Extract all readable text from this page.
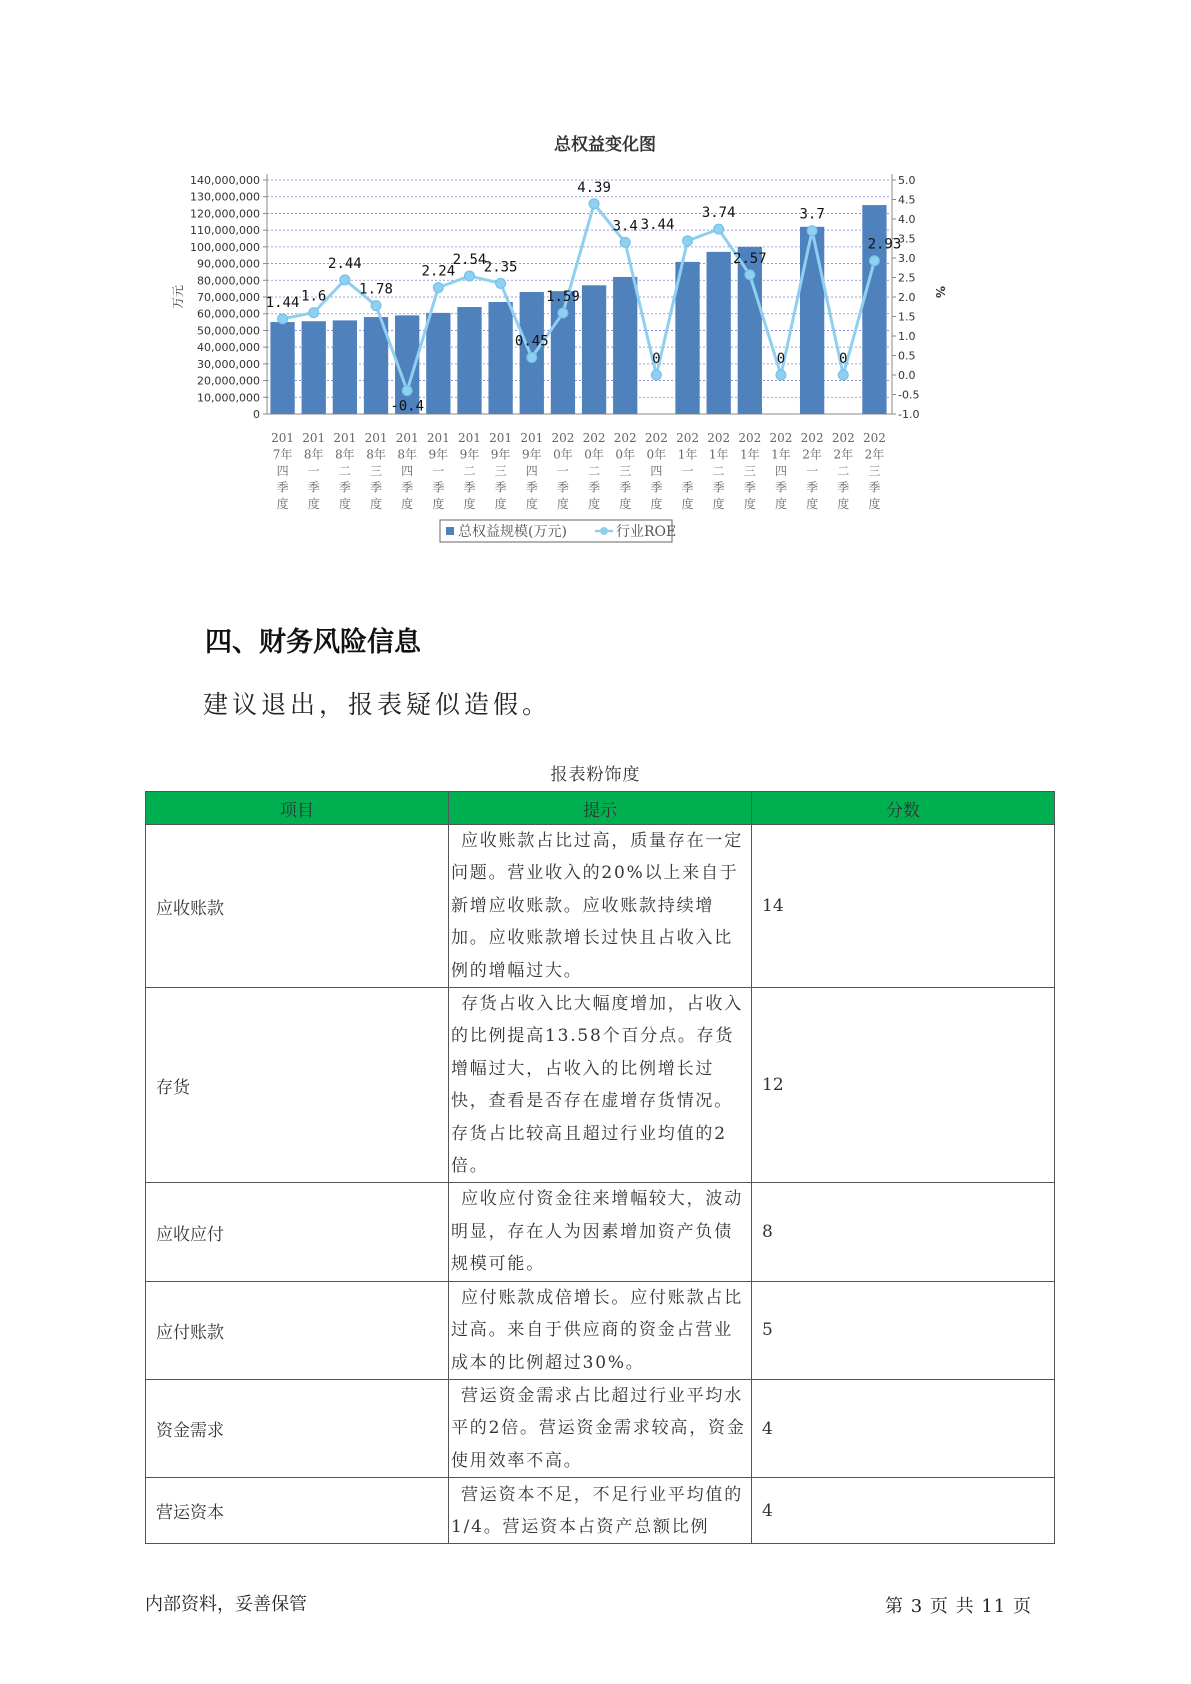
总权益变化图
0
10,000,000
20,000,000
30,000,000
40,000,000
50,000,000
60,000,000
70,000,000
80,000,000
90,000,000
100,000,000
110,000,000
120,000,000
130,000,000
140,000,000
-1.0
-0.5
0.0
0.5
1.0
1.5
2.0
2.5
3.0
3.5
4.0
4.5
5.0
万元	%
201
7年
四
季
度
201
8年
一
季
度
201
8年
二
季
度
201
8年
三
季
度
201
8年
四
季
度
201
9年
一
季
度
201
9年
二
季
度
201
9年
三
季
度
201
9年
四
季
度
202
0年
一
季
度
202
0年
二
季
度
202
0年
三
季
度
202
0年
四
季
度
202
1年
一
季
度
202
1年
二
季
度
202
1年
三
季
度
202
1年
四
季
度
202
2年
一
季
度
202
2年
二
季
度
202
2年
三
季
度
1.44 1.6
2.44
1.78
-0.4
2.24
2.54
2.35
0.45
1.59
4.39
3.4
0
3.44
3.74
2.57
0
3.7
0
2.93
总权益规模(万元)	行业ROE
四、财务风险信息

建议退出，报表疑似造假。

报表粉饰度
项目	提示	分数
应收账款	应收账款占比过高，质量存在一定问题。营业收入的20%以上来自于新增应收账款。应收账款持续增加。应收账款增长过快且占收入比例的增幅过大。	14
存货	存货占收入比大幅度增加，占收入的比例提高13.58个百分点。存货增幅过大，占收入的比例增长过快，查看是否存在虚增存货情况。存货占比较高且超过行业均值的2倍。	12
应收应付	应收应付资金往来增幅较大，波动明显，存在人为因素增加资产负债规模可能。	8
应付账款	应付账款成倍增长。应付账款占比过高。来自于供应商的资金占营业成本的比例超过30%。	5
资金需求	营运资金需求占比超过行业平均水平的2倍。营运资金需求较高，资金使用效率不高。	4
营运资本	营运资本不足，不足行业平均值的1/4。营运资本占资产总额比例	4
内部资料，妥善保管	第 3 页 共 11 页
